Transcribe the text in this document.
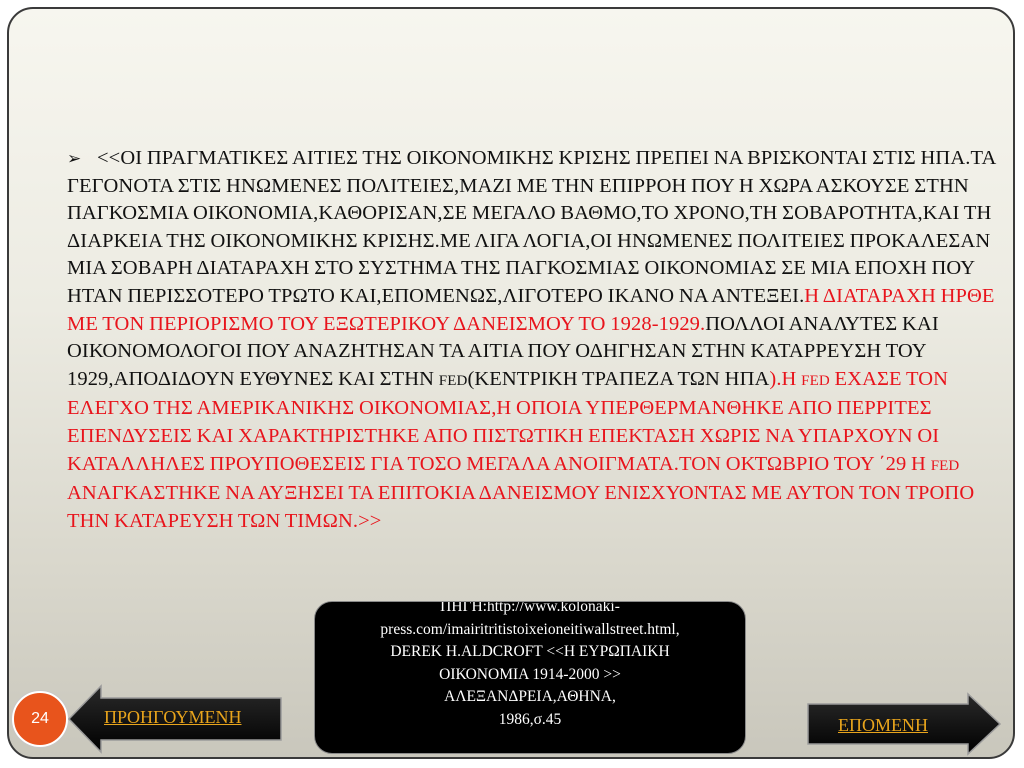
➢ <<ΟΙ ΠΡΑΓΜΑΤΙΚΕΣ ΑΙΤΙΕΣ ΤΗΣ ΟΙΚΟΝΟΜΙΚΗΣ ΚΡΙΣΗΣ ΠΡΕΠΕΙ ΝΑ ΒΡΙΣΚΟΝΤΑΙ ΣΤΙΣ ΗΠΑ.ΤΑ ΓΕΓΟΝΟΤΑ ΣΤΙΣ ΗΝΩΜΕΝΕΣ ΠΟΛΙΤΕΙΕΣ,ΜΑΖΙ ΜΕ ΤΗΝ ΕΠΙΡΡΟΗ ΠΟΥ Η ΧΩΡΑ ΑΣΚΟΥΣΕ ΣΤΗΝ ΠΑΓΚΟΣΜΙΑ ΟΙΚΟΝΟΜΙΑ,ΚΑΘΟΡΙΣΑΝ,ΣΕ ΜΕΓΑΛΟ ΒΑΘΜΟ,ΤΟ ΧΡΟΝΟ,ΤΗ ΣΟΒΑΡΟΤΗΤΑ,ΚΑΙ ΤΗ ΔΙΑΡΚΕΙΑ ΤΗΣ ΟΙΚΟΝΟΜΙΚΗΣ ΚΡΙΣΗΣ.ΜΕ ΛΙΓΑ ΛΟΓΙΑ,ΟΙ ΗΝΩΜΕΝΕΣ ΠΟΛΙΤΕΙΕΣ ΠΡΟΚΑΛΕΣΑΝ ΜΙΑ ΣΟΒΑΡΗ ΔΙΑΤΑΡΑΧΗ ΣΤΟ ΣΥΣΤΗΜΑ ΤΗΣ ΠΑΓΚΟΣΜΙΑΣ ΟΙΚΟΝΟΜΙΑΣ ΣΕ ΜΙΑ ΕΠΟΧΗ ΠΟΥ ΗΤΑΝ ΠΕΡΙΣΣΟΤΕΡΟ ΤΡΩΤΟ ΚΑΙ,ΕΠΟΜΕΝΩΣ,ΛΙΓΟΤΕΡΟ ΙΚΑΝΟ ΝΑ ΑΝΤΕΞΕΙ.Η ΔΙΑΤΑΡΑΧΗ ΗΡΘΕ ΜΕ ΤΟΝ ΠΕΡΙΟΡΙΣΜΟ ΤΟΥ ΕΞΩΤΕΡΙΚΟΥ ΔΑΝΕΙΣΜΟΥ ΤΟ 1928-1929.ΠΟΛΛΟΙ ΑΝΑΛΥΤΕΣ ΚΑΙ ΟΙΚΟΝΟΜΟΛΟΓΟΙ ΠΟΥ ΑΝΑΖΗΤΗΣΑΝ ΤΑ ΑΙΤΙΑ ΠΟΥ ΟΔΗΓΗΣΑΝ ΣΤΗΝ ΚΑΤΑΡΡΕΥΣΗ ΤΟΥ 1929,ΑΠΟΔΙΔΟΥΝ ΕΥΘΥΝΕΣ ΚΑΙ ΣΤΗΝ FED(ΚΕΝΤΡΙΚΗ ΤΡΑΠΕΖΑ ΤΩΝ ΗΠΑ).Η FED ΕΧΑΣΕ ΤΟΝ ΕΛΕΓΧΟ ΤΗΣ ΑΜΕΡΙΚΑΝΙΚΗΣ ΟΙΚΟΝΟΜΙΑΣ,Η ΟΠΟΙΑ ΥΠΕΡΘΕΡΜΑΝΘΗΚΕ ΑΠΟ ΠΕΡΡΙΤΕΣ ΕΠΕΝΔΥΣΕΙΣ ΚΑΙ ΧΑΡΑΚΤΗΡΙΣΤΗΚΕ ΑΠΟ ΠΙΣΤΩΤΙΚΗ ΕΠΕΚΤΑΣΗ ΧΩΡΙΣ ΝΑ ΥΠΑΡΧΟΥΝ ΟΙ ΚΑΤΑΛΛΗΛΕΣ ΠΡΟΥΠΟΘΕΣΕΙΣ ΓΙΑ ΤΟΣΟ ΜΕΓΑΛΑ ΑΝΟΙΓΜΑΤΑ.ΤΟΝ ΟΚΤΩΒΡΙΟ ΤΟΥ ΄29 Η FED ΑΝΑΓΚΑΣΤΗΚΕ ΝΑ ΑΥΞΗΣΕΙ ΤΑ ΕΠΙΤΟΚΙΑ ΔΑΝΕΙΣΜΟΥ ΕΝΙΣΧΥΟΝΤΑΣ ΜΕ ΑΥΤΟΝ ΤΟΝ ΤΡΟΠΟ ΤΗΝ ΚΑΤΑΡΕΥΣΗ ΤΩΝ ΤΙΜΩΝ.>>
ΠΗΓΗ:http://www.kolonaki-
press.com/imairitritistoixeioneitiwallstreet.html,
DEREK H.ALDCROFT <<Η ΕΥΡΩΠΑΙΚΗ
ΟΙΚΟΝΟΜΙΑ 1914-2000 >>
ΑΛΕΞΑΝΔΡΕΙΑ,ΑΘΗΝΑ,
1986,σ.45
24	ΠΡΟΗΓΟΥΜΕΝΗ	ΕΠΟΜΕΝΗ
